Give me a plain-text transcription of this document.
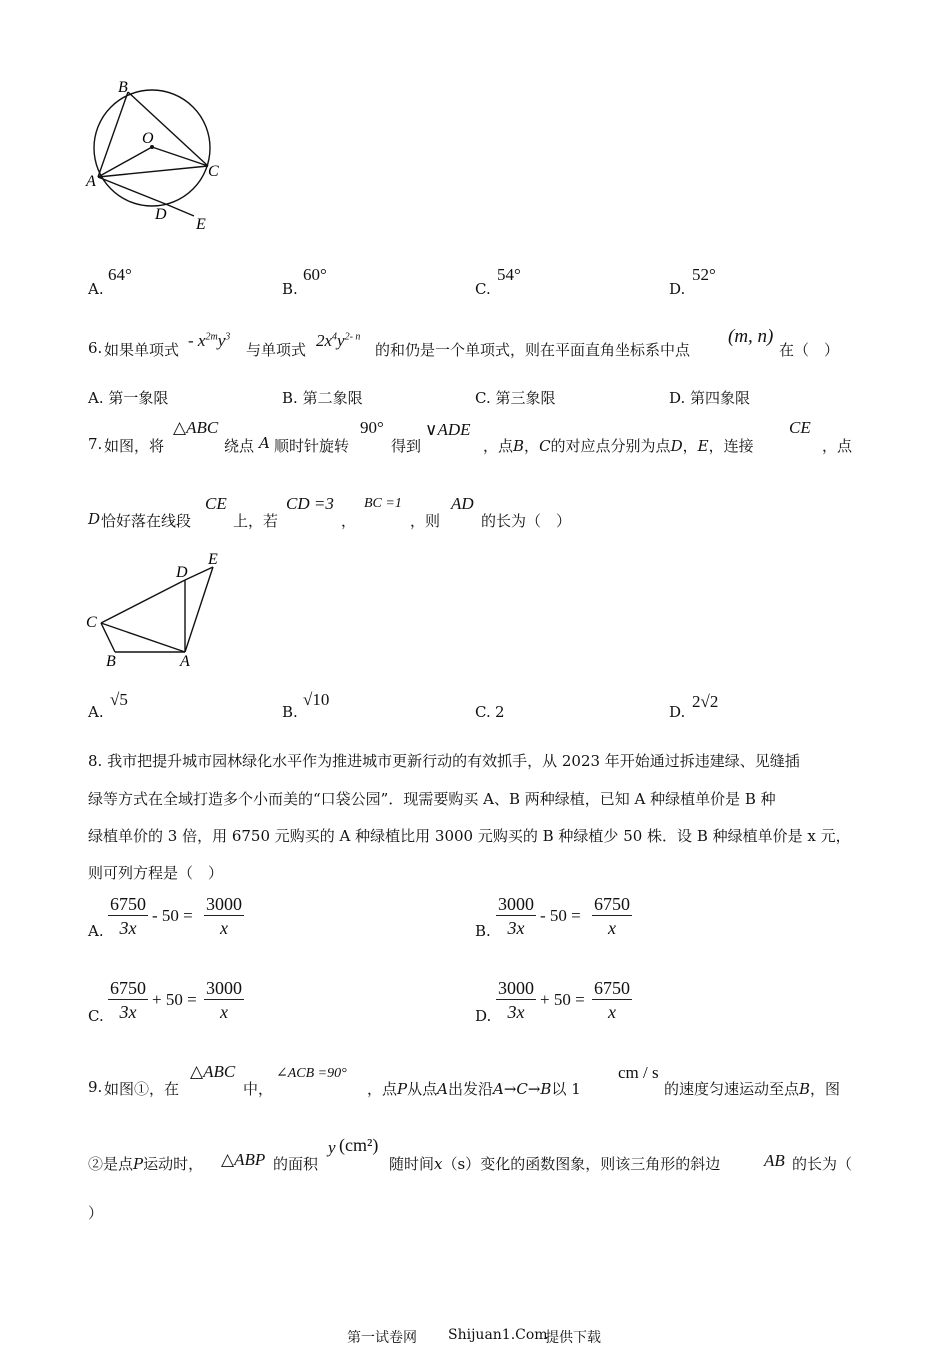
B
O
A
C
D
E
A.
64°
B.
60°
C.
54°
D.
52°
6. 如果单项式 - $x^{2m}y^3$
与单项式 $2x^4y^{2- n}$
的和仍是一个单项式，则在平面直角坐标系中点
(m, n)
在（　）
A. 第一象限	B. 第二象限	C. 第三象限	D. 第四象限
7. 如图，将
△ABC
绕点 A 顺时针旋转
90°
得到
∨ADE
，点B，C的对应点分别为点D，E，连接
CE
，点
D 恰好落在线段
CE
上，若
CD =3
，
BC =1
，则
AD
的长为（　）
E
D
C
B	A
A.
√5
B.
√10
C. 2	D.
2√2
8. 我市把提升城市园林绿化水平作为推进城市更新行动的有效抓手，从 2023 年开始通过拆违建绿、见缝插
绿等方式在全域打造多个小而美的“口袋公园”．现需要购买 A、B 两种绿植，已知 A 种绿植单价是 B 种
绿植单价的 3 倍，用 6750 元购买的 A 种绿植比用 3000 元购买的 B 种绿植少 50 株．设 B 种绿植单价是 x 元，
则可列方程是（　）
A. $\frac{6750}{3x} - 50 = \frac{3000}{x}$	B. $\frac{3000}{3x} - 50 = \frac{6750}{x}$
C. $\frac{6750}{3x} + 50 = \frac{3000}{x}$	D. $\frac{3000}{3x} + 50 = \frac{6750}{x}$
9. 如图①，在
△ABC
中，
∠ACB =90°
，点P从点A出发沿A→C→B以 1
cm / s
的速度匀速运动至点B，图
②是点P运动时， △ABP 的面积
y (cm²)
随时间x（s）变化的函数图象，则该三角形的斜边	AB 的长为（
）
第一试卷网 Shijuan1.Com
提供下载
